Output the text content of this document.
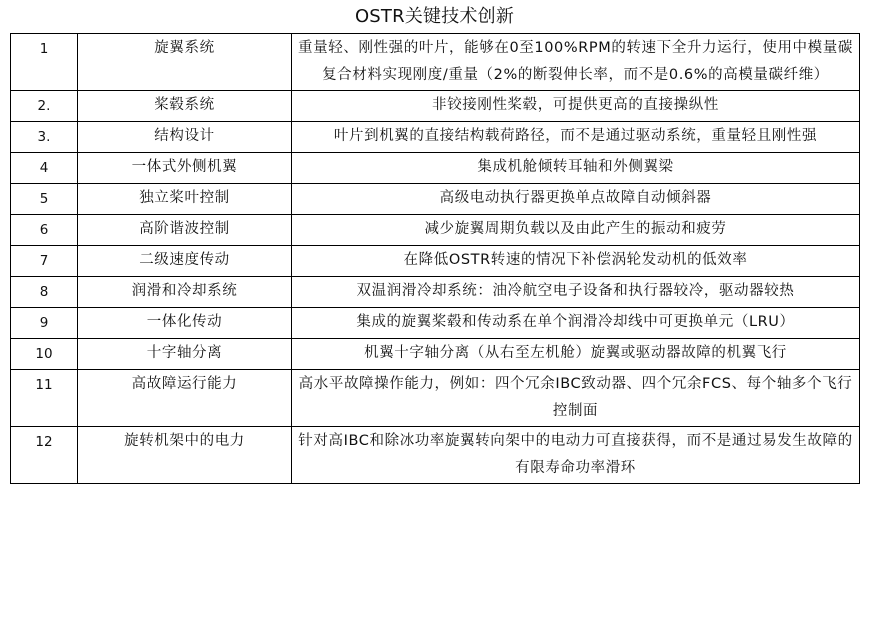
OSTR关键技术创新
1	旋翼系统	重量轻、刚性强的叶片，能够在0至100%RPM的转速下全升力运行，使用中模量碳复合材料实现刚度/重量（2%的断裂伸长率，而不是0.6%的高模量碳纤维）
2.	桨毂系统	非铰接刚性桨毂，可提供更高的直接操纵性
3.	结构设计	叶片到机翼的直接结构载荷路径，而不是通过驱动系统，重量轻且刚性强
4	一体式外侧机翼	集成机舱倾转耳轴和外侧翼梁
5	独立桨叶控制	高级电动执行器更换单点故障自动倾斜器
6	高阶谐波控制	减少旋翼周期负载以及由此产生的振动和疲劳
7	二级速度传动	在降低OSTR转速的情况下补偿涡轮发动机的低效率
8	润滑和冷却系统	双温润滑冷却系统：油冷航空电子设备和执行器较冷，驱动器较热
9	一体化传动	集成的旋翼桨毂和传动系在单个润滑冷却线中可更换单元（LRU）
10	十字轴分离	机翼十字轴分离（从右至左机舱）旋翼或驱动器故障的机翼飞行
11	高故障运行能力	高水平故障操作能力，例如：四个冗余IBC致动器、四个冗余FCS、每个轴多个飞行控制面
12	旋转机架中的电力	针对高IBC和除冰功率旋翼转向架中的电动力可直接获得，而不是通过易发生故障的有限寿命功率滑环
